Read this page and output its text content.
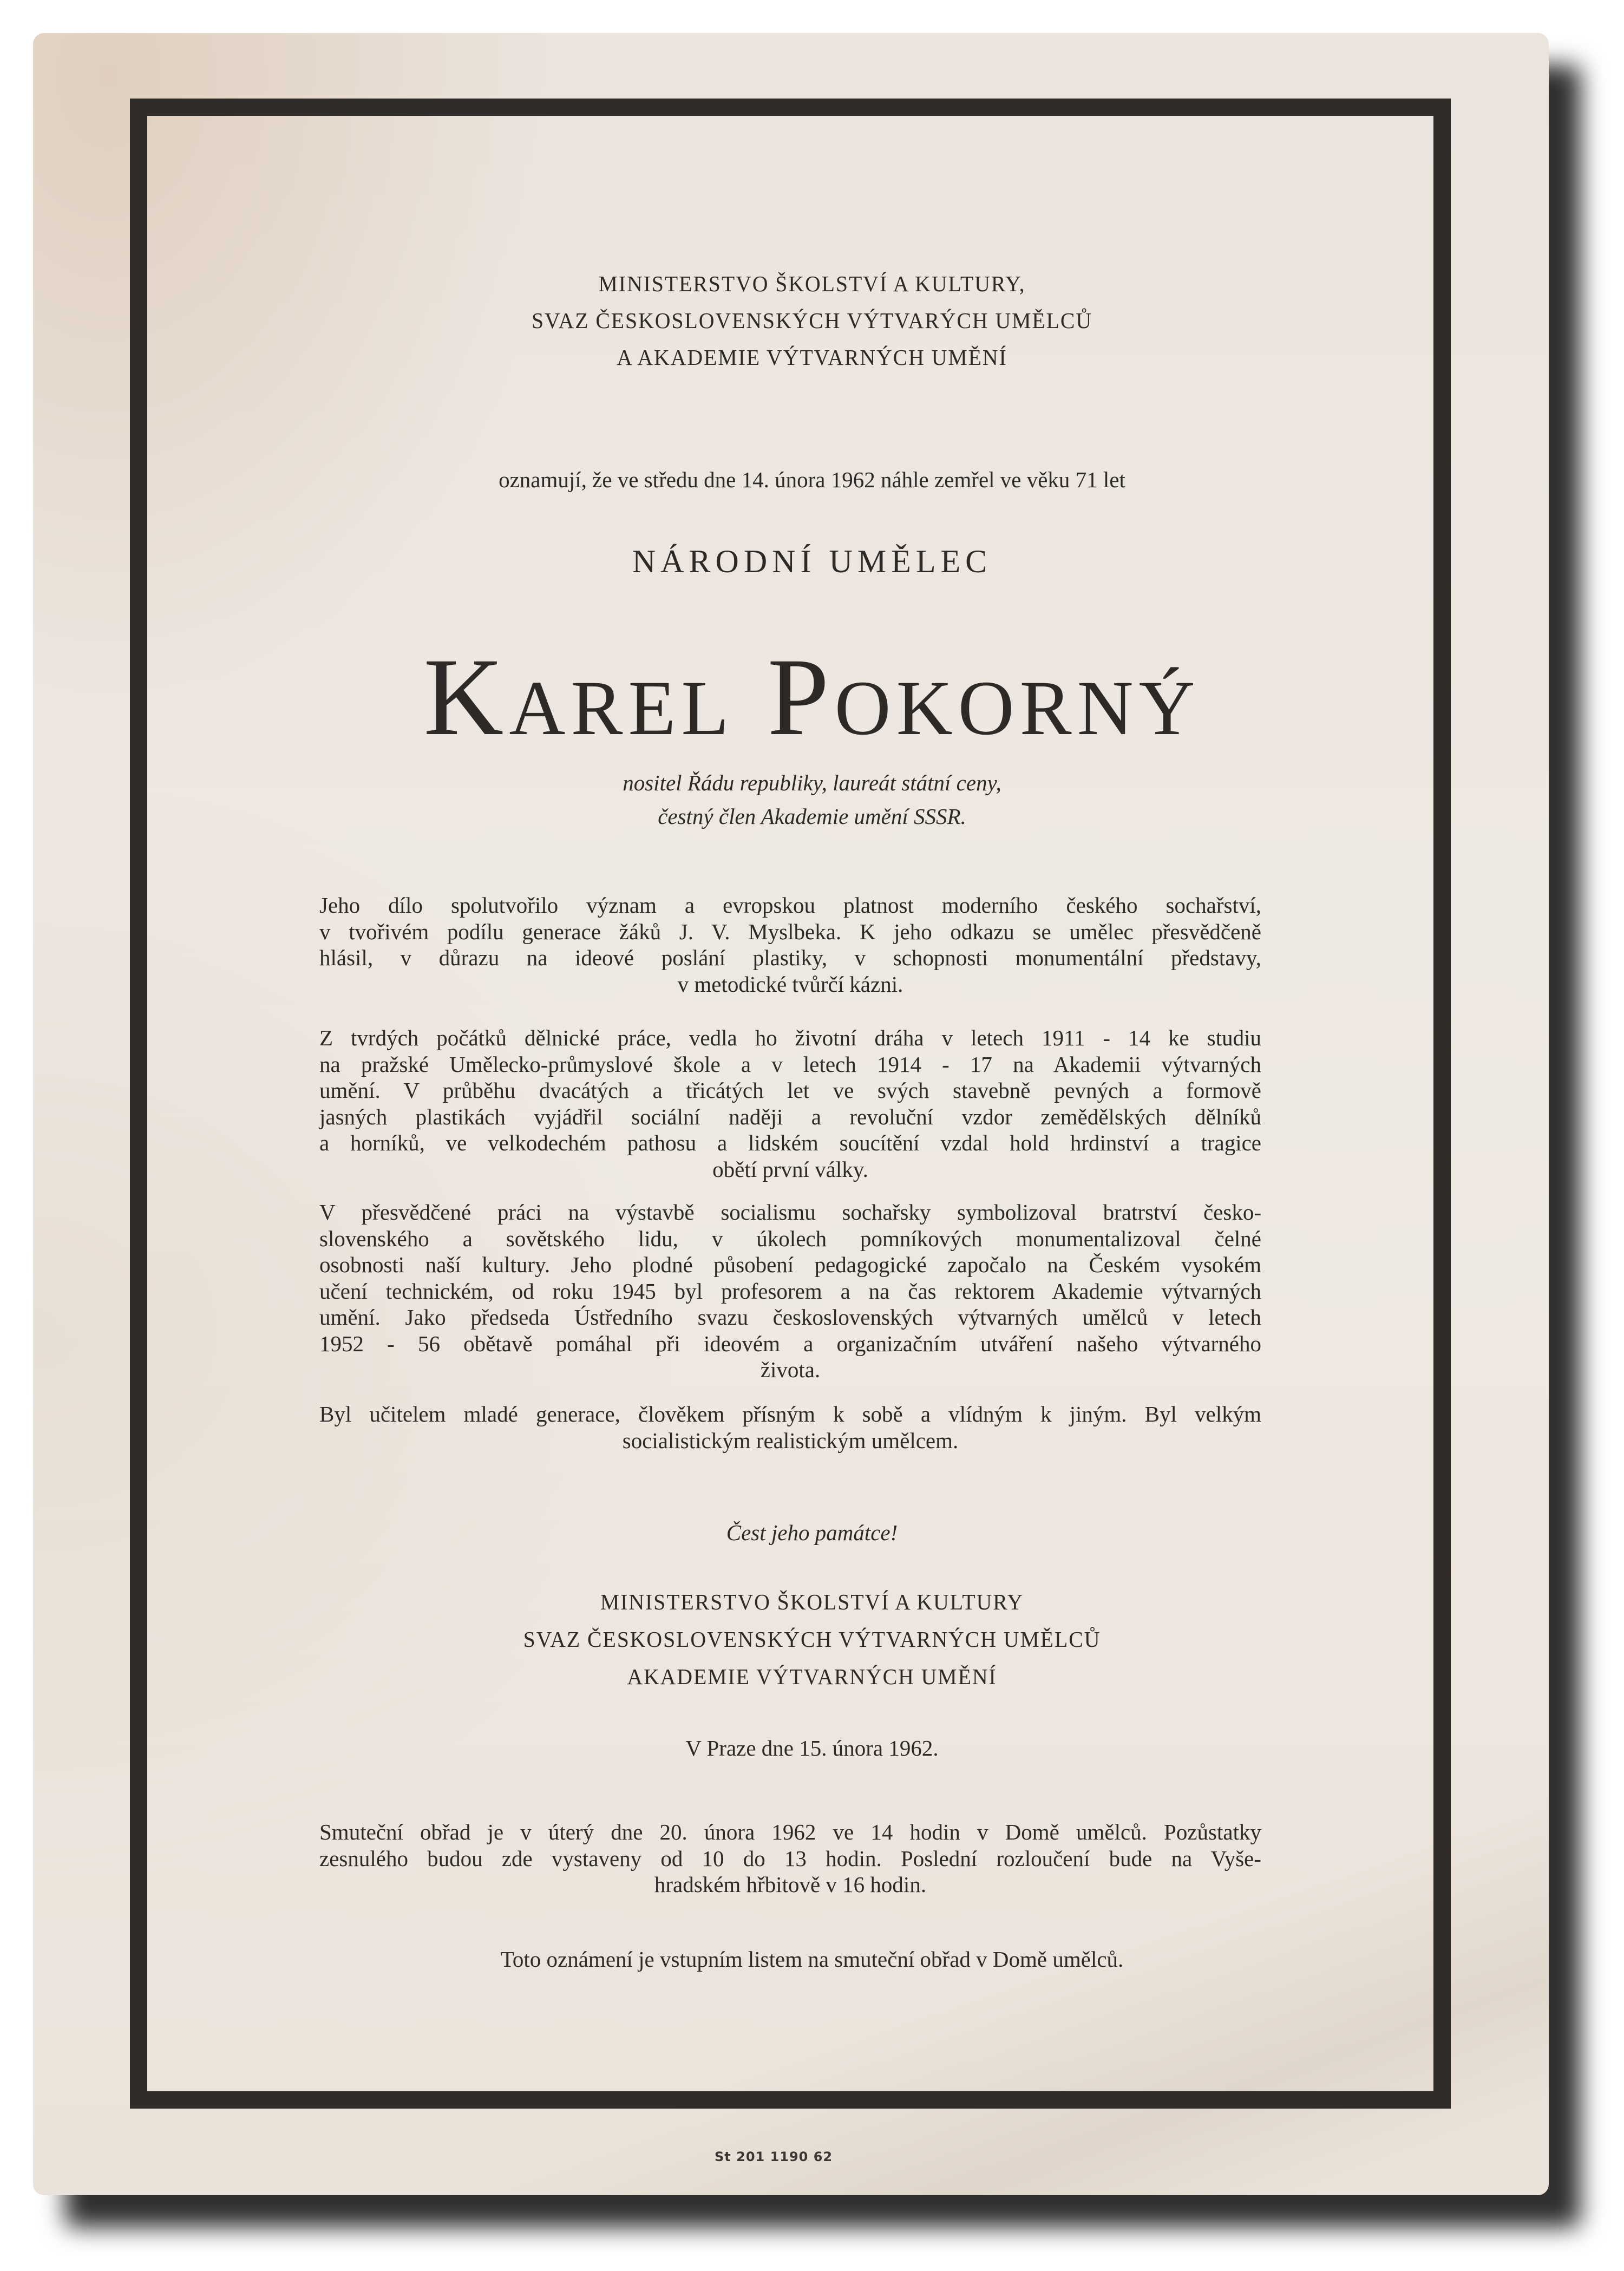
MINISTERSTVO ŠKOLSTVÍ A KULTURY,
SVAZ ČESKOSLOVENSKÝCH VÝTVARÝCH UMĚLCŮ
A AKADEMIE VÝTVARNÝCH UMĚNÍ
oznamují, že ve středu dne 14. února 1962 náhle zemřel ve věku 71 let
NÁRODNÍ UMĚLEC
Karel Pokorný
nositel Řádu republiky, laureát státní ceny,
čestný člen Akademie umění SSSR.
Jeho dílo spolutvořilo význam a evropskou platnost moderního českého sochařství,
v tvořivém podílu generace žáků J. V. Myslbeka. K jeho odkazu se umělec přesvědčeně
hlásil, v důrazu na ideové poslání plastiky, v schopnosti monumentální představy,
v metodické tvůrčí kázni.
Z tvrdých počátků dělnické práce, vedla ho životní dráha v letech 1911 - 14 ke studiu
na pražské Umělecko-průmyslové škole a v letech 1914 - 17 na Akademii výtvarných
umění. V průběhu dvacátých a třicátých let ve svých stavebně pevných a formově
jasných plastikách vyjádřil sociální naději a revoluční vzdor zemědělských dělníků
a horníků, ve velkodechém pathosu a lidském soucítění vzdal hold hrdinství a tragice
obětí první války.
V přesvědčené práci na výstavbě socialismu sochařsky symbolizoval bratrství česko-
slovenského a sovětského lidu, v úkolech pomníkových monumentalizoval čelné
osobnosti naší kultury. Jeho plodné působení pedagogické započalo na Českém vysokém
učení technickém, od roku 1945 byl profesorem a na čas rektorem Akademie výtvarných
umění. Jako předseda Ústředního svazu československých výtvarných umělců v letech
1952 - 56 obětavě pomáhal při ideovém a organizačním utváření našeho výtvarného
života.
Byl učitelem mladé generace, člověkem přísným k sobě a vlídným k jiným. Byl velkým
socialistickým realistickým umělcem.
Čest jeho památce!
MINISTERSTVO ŠKOLSTVÍ A KULTURY
SVAZ ČESKOSLOVENSKÝCH VÝTVARNÝCH UMĚLCŮ
AKADEMIE VÝTVARNÝCH UMĚNÍ
V Praze dne 15. února 1962.
Smuteční obřad je v úterý dne 20. února 1962 ve 14 hodin v Domě umělců. Pozůstatky
zesnulého budou zde vystaveny od 10 do 13 hodin. Poslední rozloučení bude na Vyše-
hradském hřbitově v 16 hodin.
Toto oznámení je vstupním listem na smuteční obřad v Domě umělců.
St 201 1190 62
